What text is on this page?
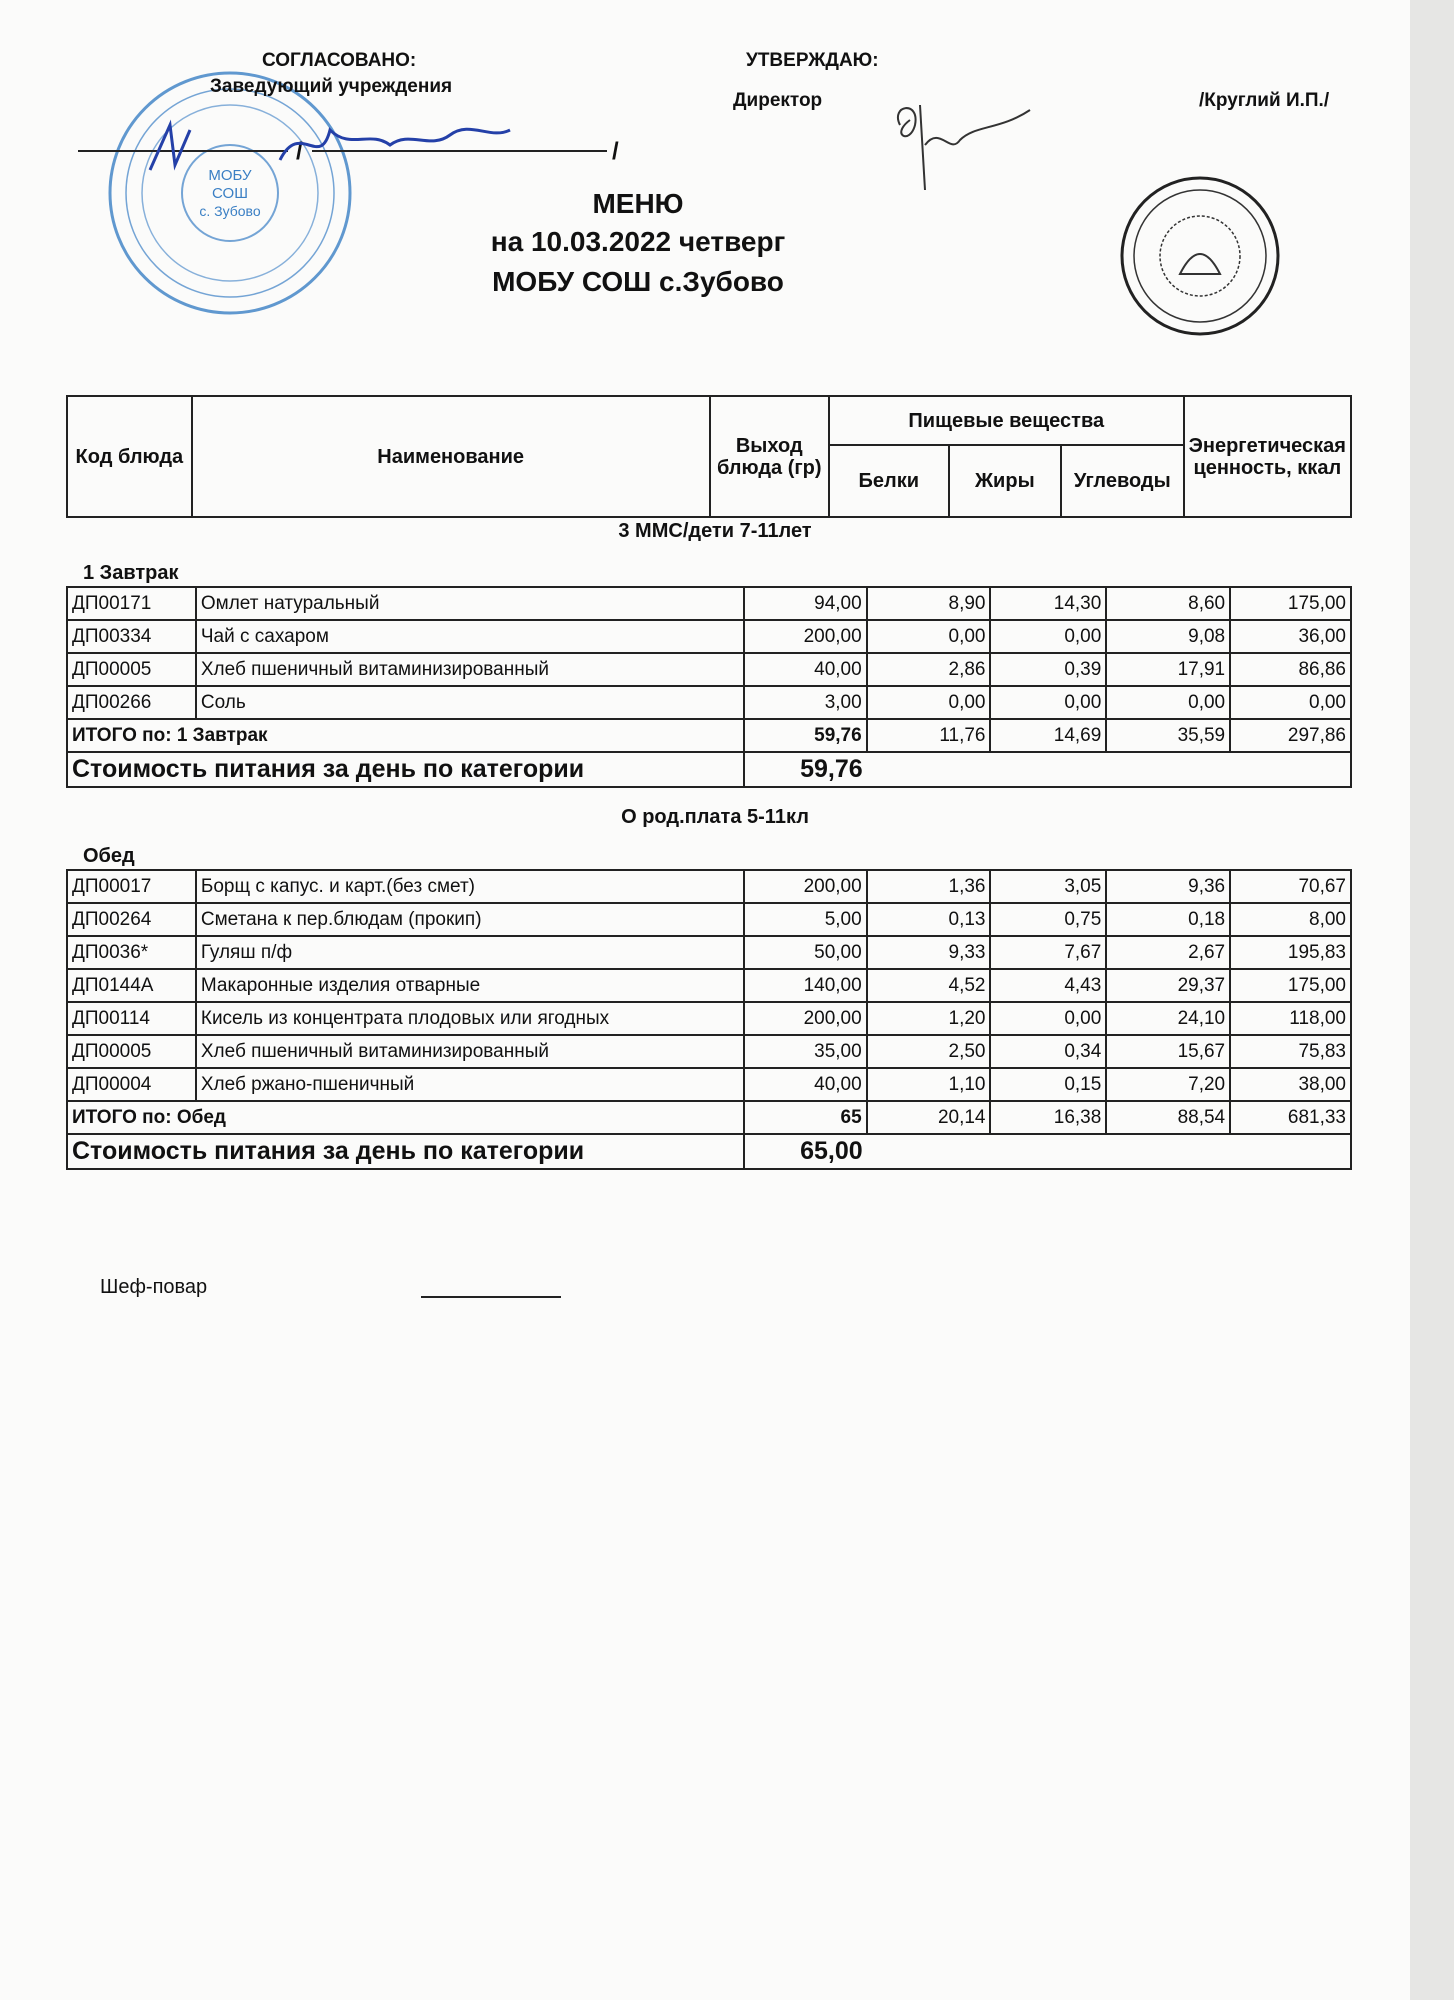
МОБУ
СОШ
с. Зубово
СОГЛАСОВАНО:
Заведующий учреждения
УТВЕРЖДАЮ:
Директор	/Круглий И.П./
/	/
МЕНЮ
на 10.03.2022 четверг
МОБУ СОШ с.Зубово
Код блюда	Наименование	Выход блюда (гр)	Пищевые вещества			Энергетическая ценность, ккал
			Белки	Жиры	Углеводы	
3 ММС/дети 7-11лет
1 Завтрак
ДП00171	Омлет натуральный	94,00	8,90	14,30	8,60	175,00
ДП00334	Чай с сахаром	200,00	0,00	0,00	9,08	36,00
ДП00005	Хлеб пшеничный витаминизированный	40,00	2,86	0,39	17,91	86,86
ДП00266	Соль	3,00	0,00	0,00	0,00	0,00
ИТОГО по: 1 Завтрак		59,76	11,76	14,69	35,59	297,86
Стоимость питания за день по категории		59,76				
О род.плата 5-11кл
Обед
ДП00017	Борщ с капус. и карт.(без смет)	200,00	1,36	3,05	9,36	70,67
ДП00264	Сметана к пер.блюдам (прокип)	5,00	0,13	0,75	0,18	8,00
ДП0036*	Гуляш п/ф	50,00	9,33	7,67	2,67	195,83
ДП0144А	Макаронные изделия отварные	140,00	4,52	4,43	29,37	175,00
ДП00114	Кисель из концентрата плодовых или ягодных	200,00	1,20	0,00	24,10	118,00
ДП00005	Хлеб пшеничный витаминизированный	35,00	2,50	0,34	15,67	75,83
ДП00004	Хлеб ржано-пшеничный	40,00	1,10	0,15	7,20	38,00
ИТОГО по: Обед		65	20,14	16,38	88,54	681,33
Стоимость питания за день по категории		65,00				
Шеф-повар
